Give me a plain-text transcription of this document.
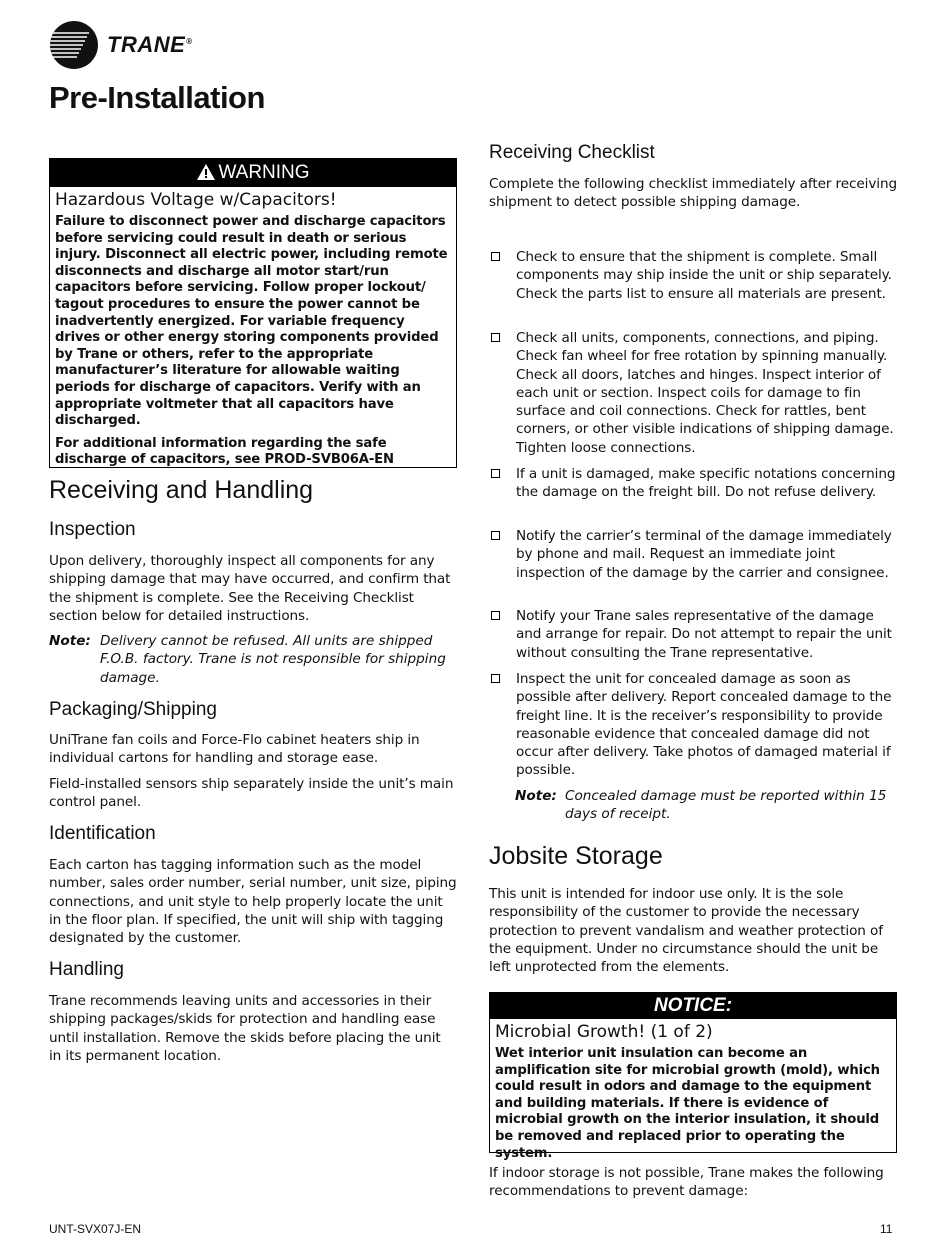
TRANE®
Pre-Installation
WARNING
Hazardous Voltage w/Capacitors!

Failure to disconnect power and discharge capacitors before servicing could result in death or serious injury. Disconnect all electric power, including remote disconnects and discharge all motor start/run capacitors before servicing. Follow proper lockout/ tagout procedures to ensure the power cannot be inadvertently energized. For variable frequency drives or other energy storing components provided by Trane or others, refer to the appropriate manufacturer’s literature for allowable waiting periods for discharge of capacitors. Verify with an appropriate voltmeter that all capacitors have discharged.

For additional information regarding the safe discharge of capacitors, see PROD-SVB06A-EN

Receiving and Handling
Inspection

Upon delivery, thoroughly inspect all components for any shipping damage that may have occurred, and confirm that the shipment is complete. See the Receiving Checklist section below for detailed instructions.

Note: Delivery cannot be refused. All units are shipped F.O.B. factory. Trane is not responsible for shipping damage.
Packaging/Shipping

UniTrane fan coils and Force-Flo cabinet heaters ship in individual cartons for handling and storage ease.

Field-installed sensors ship separately inside the unit’s main control panel.

Identification

Each carton has tagging information such as the model number, sales order number, serial number, unit size, piping connections, and unit style to help properly locate the unit in the floor plan. If specified, the unit will ship with tagging designated by the customer.

Handling

Trane recommends leaving units and accessories in their shipping packages/skids for protection and handling ease until installation. Remove the skids before placing the unit in its permanent location.

Receiving Checklist

Complete the following checklist immediately after receiving shipment to detect possible shipping damage.

Check to ensure that the shipment is complete. Small components may ship inside the unit or ship separately. Check the parts list to ensure all materials are present.
Check all units, components, connections, and piping. Check fan wheel for free rotation by spinning manually. Check all doors, latches and hinges. Inspect interior of each unit or section. Inspect coils for damage to fin surface and coil connections. Check for rattles, bent corners, or other visible indications of shipping damage. Tighten loose connections.
If a unit is damaged, make specific notations concerning the damage on the freight bill. Do not refuse delivery.
Notify the carrier’s terminal of the damage immediately by phone and mail. Request an immediate joint inspection of the damage by the carrier and consignee.
Notify your Trane sales representative of the damage and arrange for repair. Do not attempt to repair the unit without consulting the Trane representative.
Inspect the unit for concealed damage as soon as possible after delivery. Report concealed damage to the freight line. It is the receiver’s responsibility to provide reasonable evidence that concealed damage did not occur after delivery. Take photos of damaged material if possible.
Note: Concealed damage must be reported within 15 days of receipt.
Jobsite Storage

This unit is intended for indoor use only. It is the sole responsibility of the customer to provide the necessary protection to prevent vandalism and weather protection of the equipment. Under no circumstance should the unit be left unprotected from the elements.

NOTICE:
Microbial Growth! (1 of 2)
Wet interior unit insulation can become an amplification site for microbial growth (mold), which could result in odors and damage to the equipment and building materials. If there is evidence of microbial growth on the interior insulation, it should be removed and replaced prior to operating the system.

If indoor storage is not possible, Trane makes the following recommendations to prevent damage:

UNT-SVX07J-EN	11
